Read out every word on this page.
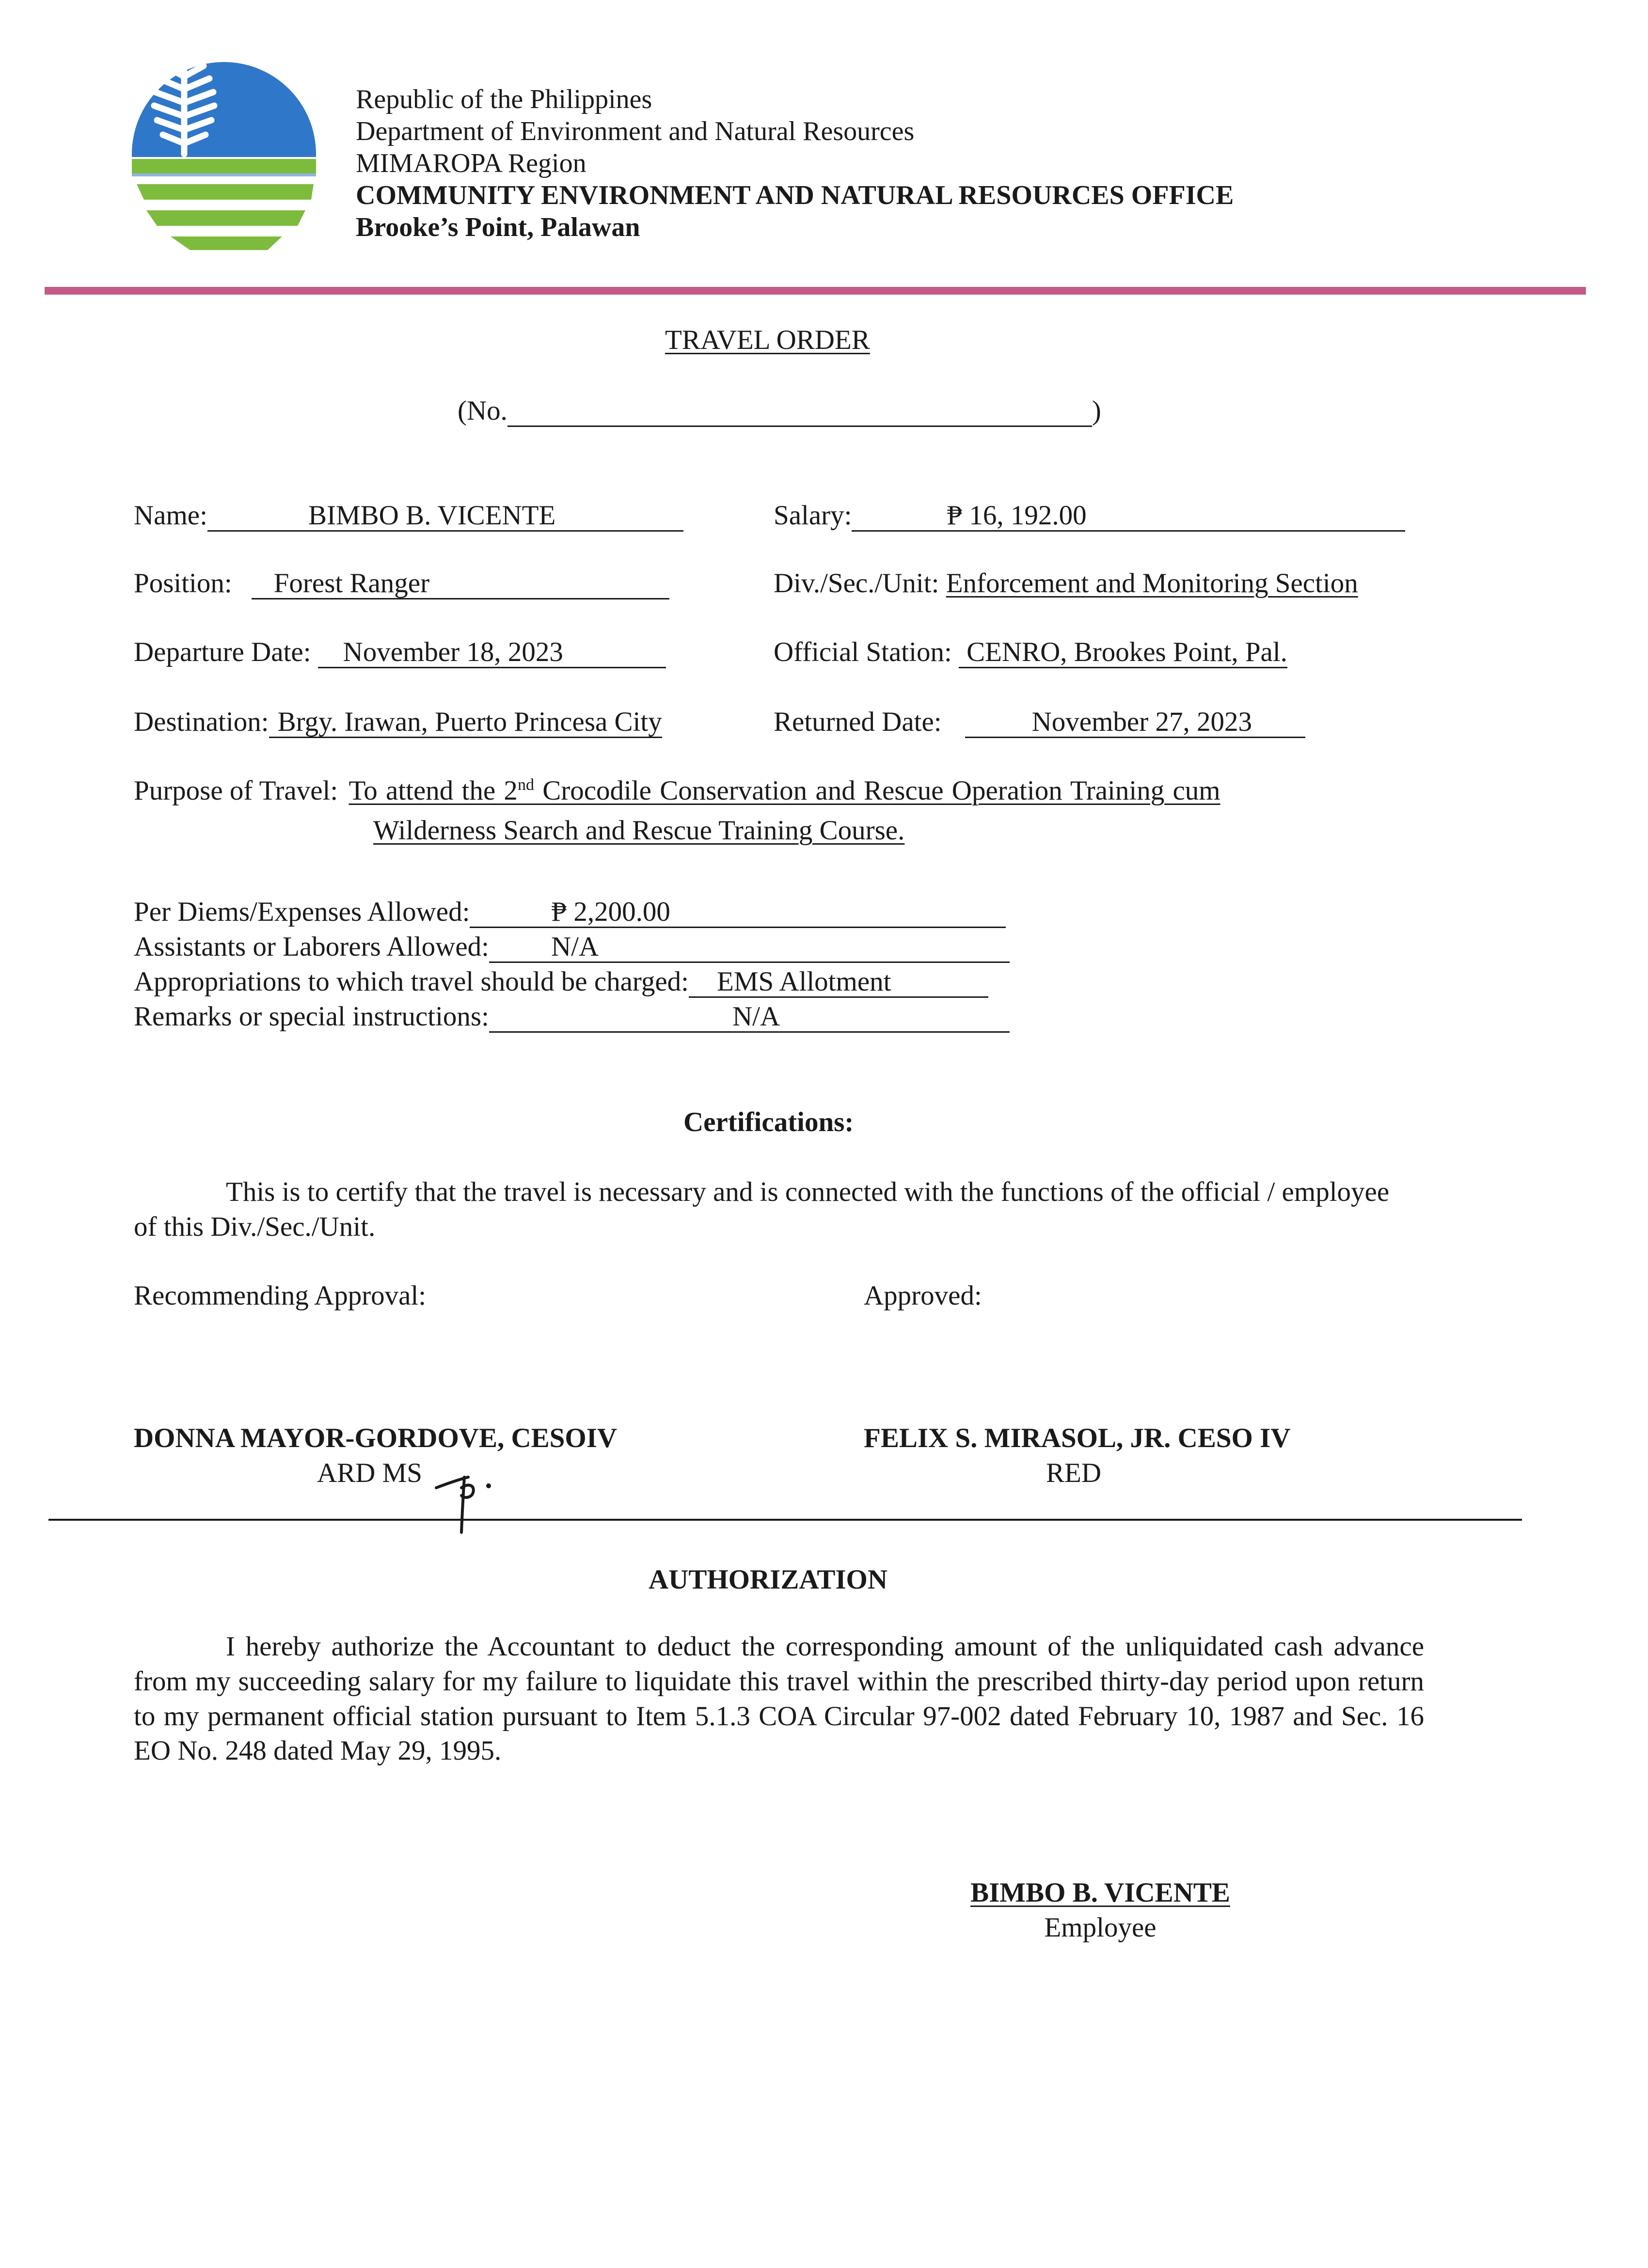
Republic of the Philippines
Department of Environment and Natural Resources
MIMAROPA Region
COMMUNITY ENVIRONMENT AND NATURAL RESOURCES OFFICE
Brooke’s Point, Palawan
TRAVEL ORDER
(No.	)
Name:	BIMBO B. VICENTE	Salary:	₱ 16, 192.00
Position: Forest Ranger	Div./Sec./Unit: Enforcement and Monitoring Section
Departure Date: November 18, 2023	Official Station: CENRO, Brookes Point, Pal.
Destination: Brgy. Irawan, Puerto Princesa City	Returned Date:	November 27, 2023
Purpose of Travel: To attend the 2nd Crocodile Conservation and Rescue Operation Training cum
Wilderness Search and Rescue Training Course.
Per Diems/Expenses Allowed:	₱ 2,200.00
Assistants or Laborers Allowed: N/A
Appropriations to which travel should be charged: EMS Allotment
Remarks or special instructions:	N/A
Certifications:
This is to certify that the travel is necessary and is connected with the functions of the official / employee of this Div./Sec./Unit.
Recommending Approval:	Approved:
DONNA MAYOR-GORDOVE, CESOIV
ARD MS
FELIX S. MIRASOL, JR. CESO IV
RED
AUTHORIZATION
I hereby authorize the Accountant to deduct the corresponding amount of the unliquidated cash advance from my succeeding salary for my failure to liquidate this travel within the prescribed thirty-day period upon return to my permanent official station pursuant to Item 5.1.3 COA Circular 97-002 dated February 10, 1987 and Sec. 16 EO No. 248 dated May 29, 1995.
BIMBO B. VICENTE
Employee
